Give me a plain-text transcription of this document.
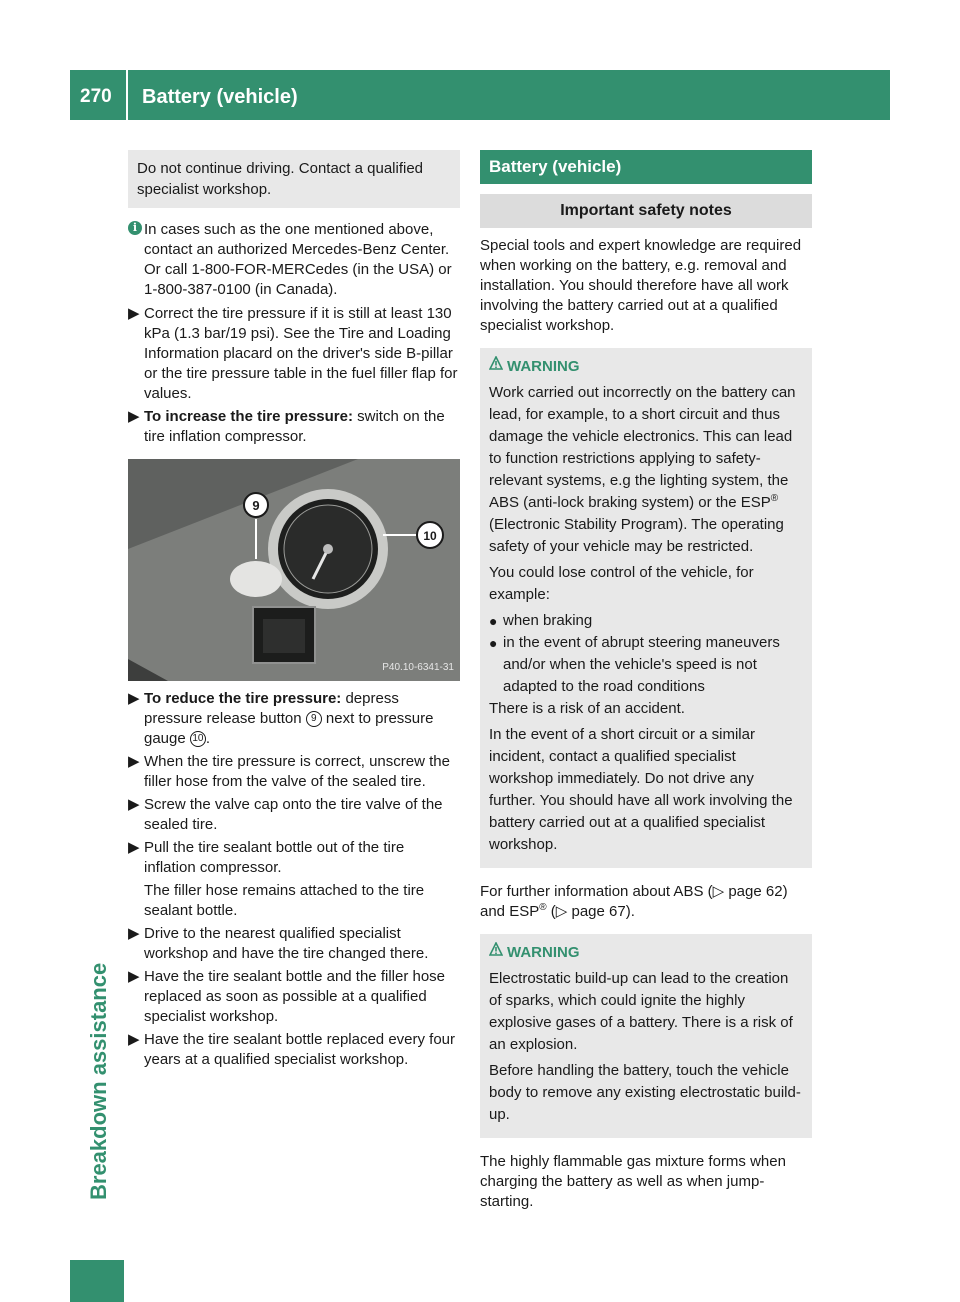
270 Battery (vehicle)
Breakdown assistance
Do not continue driving. Contact a qualified specialist workshop.
i In cases such as the one mentioned above, contact an authorized Mercedes-Benz Center. Or call 1-800-FOR-MERCedes (in the USA) or 1-800-387-0100 (in Canada).
▶ Correct the tire pressure if it is still at least 130 kPa (1.3 bar/19 psi). See the Tire and Loading Information placard on the driver's side B-pillar or the tire pressure table in the fuel filler flap for values.
▶ To increase the tire pressure: switch on the tire inflation compressor.
9
10
P40.10-6341-31
▶ To reduce the tire pressure: depress pressure release button 9 next to pressure gauge 10 .
▶ When the tire pressure is correct, unscrew the filler hose from the valve of the sealed tire.
▶ Screw the valve cap onto the tire valve of the sealed tire.
▶ Pull the tire sealant bottle out of the tire inflation compressor.
The filler hose remains attached to the tire sealant bottle.
▶ Drive to the nearest qualified specialist workshop and have the tire changed there.
▶ Have the tire sealant bottle and the filler hose replaced as soon as possible at a qualified specialist workshop.
▶ Have the tire sealant bottle replaced every four years at a qualified specialist workshop.
Battery (vehicle)
Important safety notes
Special tools and expert knowledge are required when working on the battery, e.g. removal and installation. You should therefore have all work involving the battery carried out at a qualified specialist workshop.
WARNING
Work carried out incorrectly on the battery can lead, for example, to a short circuit and thus damage the vehicle electronics. This can lead to function restrictions applying to safety-relevant systems, e.g the lighting system, the ABS (anti-lock braking system) or the ESP® (Electronic Stability Program). The operating safety of your vehicle may be restricted.
You could lose control of the vehicle, for example:
● when braking
● in the event of abrupt steering maneuvers and/or when the vehicle's speed is not adapted to the road conditions
There is a risk of an accident.
In the event of a short circuit or a similar incident, contact a qualified specialist workshop immediately. Do not drive any further. You should have all work involving the battery carried out at a qualified specialist workshop.
For further information about ABS (▷ page 62) and ESP® (▷ page 67).
WARNING
Electrostatic build-up can lead to the creation of sparks, which could ignite the highly explosive gases of a battery. There is a risk of an explosion.
Before handling the battery, touch the vehicle body to remove any existing electrostatic build-up.
The highly flammable gas mixture forms when charging the battery as well as when jump-starting.
